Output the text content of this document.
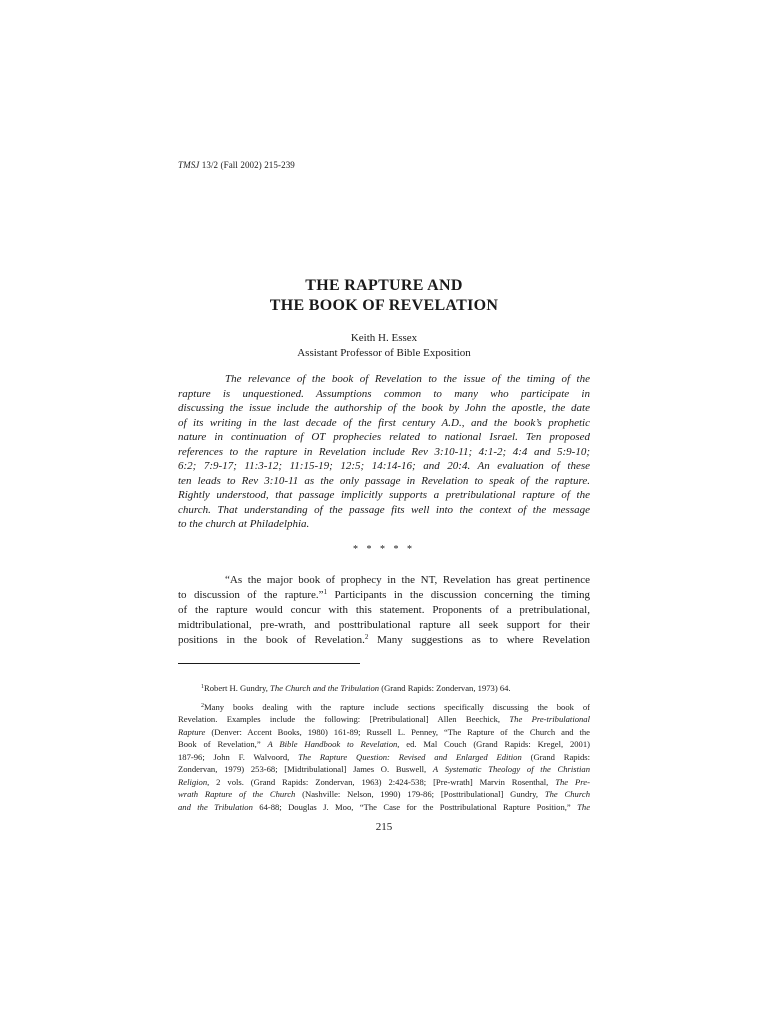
TMSJ 13/2 (Fall 2002) 215-239
THE RAPTURE AND
THE BOOK OF REVELATION
Keith H. Essex
Assistant Professor of Bible Exposition
The relevance of the book of Revelation to the issue of the timing of the
rapture is unquestioned. Assumptions common to many who participate in
discussing the issue include the authorship of the book by John the apostle, the date
of its writing in the last decade of the first century A.D., and the book’s prophetic
nature in continuation of OT prophecies related to national Israel. Ten proposed
references to the rapture in Revelation include Rev 3:10-11; 4:1-2; 4:4 and 5:9-10;
6:2; 7:9-17; 11:3-12; 11:15-19; 12:5; 14:14-16; and 20:4. An evaluation of these
ten leads to Rev 3:10-11 as the only passage in Revelation to speak of the rapture.
Rightly understood, that passage implicitly supports a pretribulational rapture of the
church. That understanding of the passage fits well into the context of the message
to the church at Philadelphia.
* * * * *
“As the major book of prophecy in the NT, Revelation has great pertinence
to discussion of the rapture.”$^1$ Participants in the discussion concerning the timing
of the rapture would concur with this statement. Proponents of a pretribulational,
midtribulational, pre-wrath, and posttribulational rapture all seek support for their
positions in the book of Revelation.$^2$ Many suggestions as to where Revelation
$^1$Robert H. Gundry, The Church and the Tribulation (Grand Rapids: Zondervan, 1973) 64.
$^2$Many books dealing with the rapture include sections specifically discussing the book of
Revelation. Examples include the following: [Pretribulational] Allen Beechick, The Pre-tribulational
Rapture (Denver: Accent Books, 1980) 161-89; Russell L. Penney, “The Rapture of the Church and the
Book of Revelation,” A Bible Handbook to Revelation, ed. Mal Couch (Grand Rapids: Kregel, 2001)
187-96; John F. Walvoord, The Rapture Question: Revised and Enlarged Edition (Grand Rapids:
Zondervan, 1979) 253-68; [Midtribulational] James O. Buswell, A Systematic Theology of the Christian
Religion, 2 vols. (Grand Rapids: Zondervan, 1963) 2:424-538; [Pre-wrath] Marvin Rosenthal, The Pre-
wrath Rapture of the Church (Nashville: Nelson, 1990) 179-86; [Posttribulational] Gundry, The Church
and the Tribulation 64-88; Douglas J. Moo, “The Case for the Posttribulational Rapture Position,” The
215
